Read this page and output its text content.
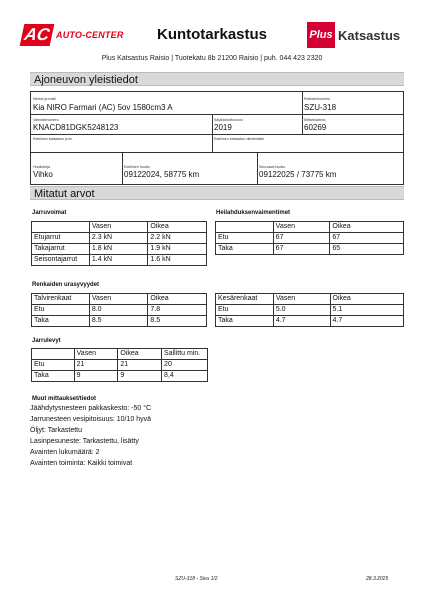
AC AUTO-CENTER	Kuntotarkastus	Plus Katsastus
Plus Katsastus Raisio | Tuotekatu 8b 21200 Raisio | puh. 044 423 2320
Ajoneuvon yleistiedot
Merkki ja malli
Kia NIRO Farmari (AC) 5ov 1580cm3 A
Rekisterinumero
SZU-318
Valmistenumero
KNACD81DGK5248123
Käyttöönottovuosi
2019
Mittarilukema
60269
Edellinen katsastus pvm.	Edellinen katsastus viimeistään
Huoltokirja
Vihko
Edellinen huolto
09122024, 58775 km
Seuraava huolto
09122025 / 73775 km
Mitatut arvot
Jarruvoimat
	Vasen	Oikea
Etujarrut	2.3 kN	2.2 kN
Takajarrut	1.8 kN	1.9 kN
Seisontajarrut	1.4 kN	1.6 kN
Heilahduksenvaimentimet
	Vasen	Oikea
Etu	67	67
Taka	67	65
Renkaiden urasyvyydet
Talvirenkaat	Vasen	Oikea
Etu	8.0	7.8
Taka	8.5	8.5
Kesärenkaat	Vasen	Oikea
Etu	5.0	5.1
Taka	4.7	4.7
Jarrulevyt
	Vasen	Oikea	Sallittu min.
Etu	21	21	20
Taka	9	9	8,4
Muut mittaukset/tiedot
Jäähdytysnesteen pakkaskesto: -50 °C
Jarrunesteen vesipitoisuus: 10/10 hyvä
Öljyt: Tarkastettu
Lasinpesuneste: Tarkastettu, lisätty
Avainten lukumäärä: 2
Avainten toiminta: Kaikki toimivat
SZU-318 - Sivu 1/2	28.3.2025
